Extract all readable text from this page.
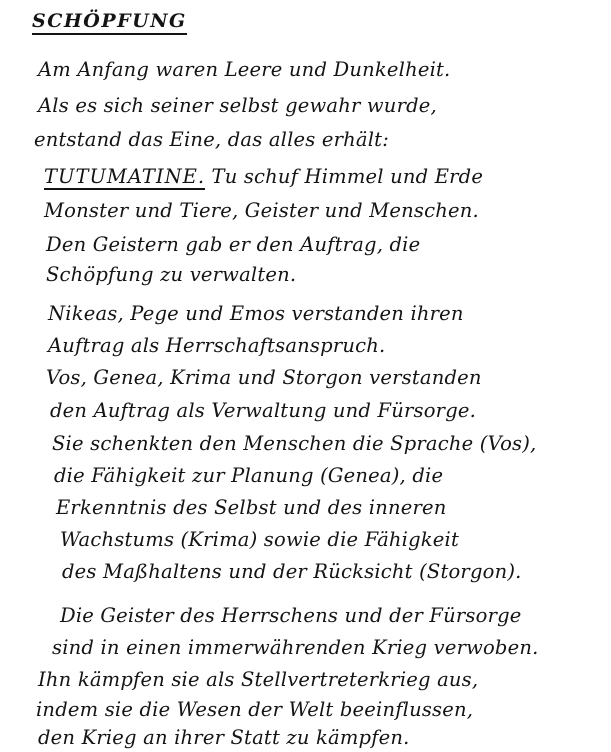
SCHÖPFUNG
Am Anfang waren Leere und Dunkelheit.
Als es sich seiner selbst gewahr wurde,
entstand das Eine, das alles erhält:
TUTUMATINE. Tu schuf Himmel und Erde
Monster und Tiere, Geister und Menschen.
Den Geistern gab er den Auftrag, die
Schöpfung zu verwalten.
Nikeas, Pege und Emos verstanden ihren
Auftrag als Herrschaftsanspruch.
Vos, Genea, Krima und Storgon verstanden
den Auftrag als Verwaltung und Fürsorge.
Sie schenkten den Menschen die Sprache (Vos),
die Fähigkeit zur Planung (Genea), die
Erkenntnis des Selbst und des inneren
Wachstums (Krima) sowie die Fähigkeit
des Maßhaltens und der Rücksicht (Storgon).
Die Geister des Herrschens und der Fürsorge
sind in einen immerwährenden Krieg verwoben.
Ihn kämpfen sie als Stellvertreterkrieg aus,
indem sie die Wesen der Welt beeinflussen,
den Krieg an ihrer Statt zu kämpfen.
